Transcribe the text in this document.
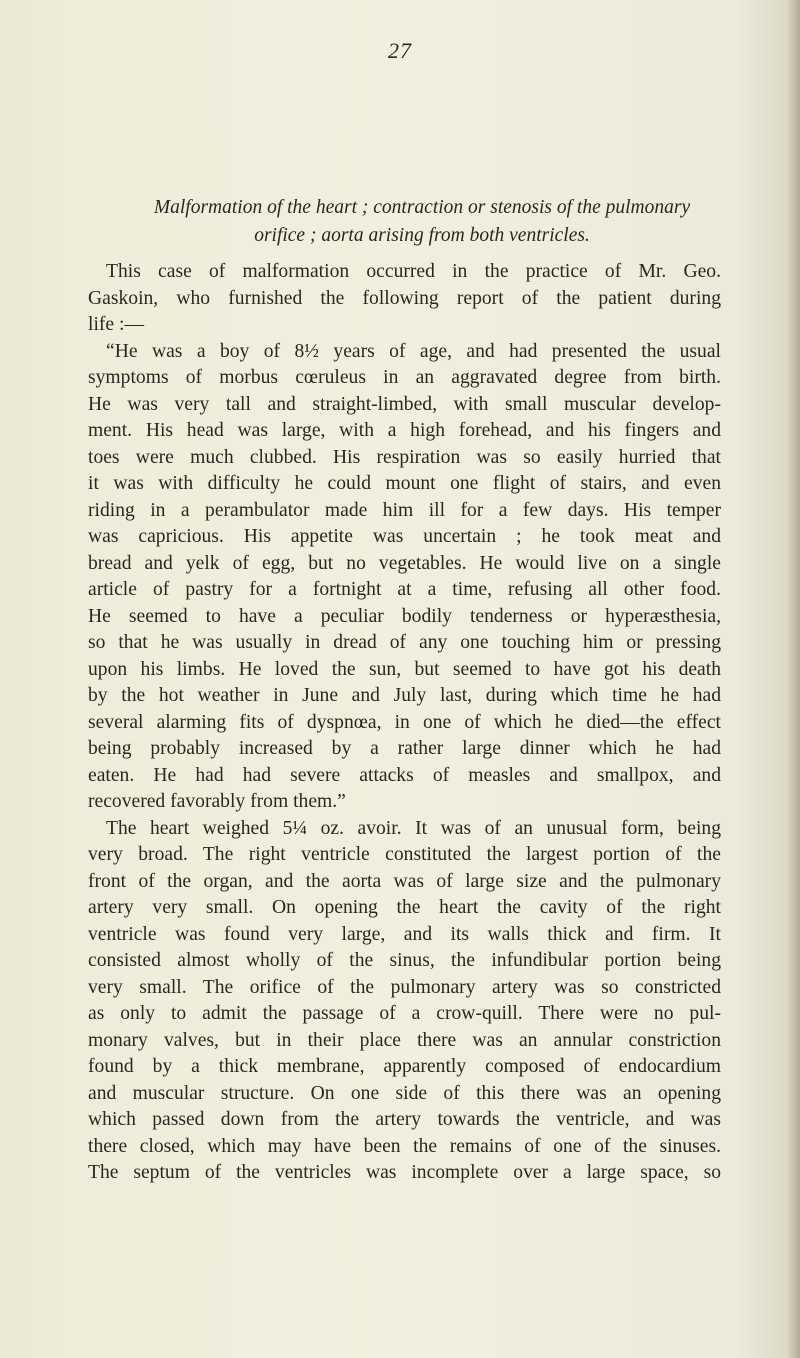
27
Malformation of the heart ; contraction or stenosis of the pulmonary
orifice ; aorta arising from both ventricles.
This case of malformation occurred in the practice of Mr. Geo.
Gaskoin, who furnished the following report of the patient during
life :—
“He was a boy of 8½ years of age, and had presented the usual
symptoms of morbus cœruleus in an aggravated degree from birth.
He was very tall and straight-limbed, with small muscular develop-
ment. His head was large, with a high forehead, and his fingers and
toes were much clubbed. His respiration was so easily hurried that
it was with difficulty he could mount one flight of stairs, and even
riding in a perambulator made him ill for a few days. His temper
was capricious. His appetite was uncertain ; he took meat and
bread and yelk of egg, but no vegetables. He would live on a single
article of pastry for a fortnight at a time, refusing all other food.
He seemed to have a peculiar bodily tenderness or hyperæsthesia,
so that he was usually in dread of any one touching him or pressing
upon his limbs. He loved the sun, but seemed to have got his death
by the hot weather in June and July last, during which time he had
several alarming fits of dyspnœa, in one of which he died—the effect
being probably increased by a rather large dinner which he had
eaten. He had had severe attacks of measles and smallpox, and
recovered favorably from them.”
The heart weighed 5¼ oz. avoir. It was of an unusual form, being
very broad. The right ventricle constituted the largest portion of the
front of the organ, and the aorta was of large size and the pulmonary
artery very small. On opening the heart the cavity of the right
ventricle was found very large, and its walls thick and firm. It
consisted almost wholly of the sinus, the infundibular portion being
very small. The orifice of the pulmonary artery was so constricted
as only to admit the passage of a crow-quill. There were no pul-
monary valves, but in their place there was an annular constriction
found by a thick membrane, apparently composed of endocardium
and muscular structure. On one side of this there was an opening
which passed down from the artery towards the ventricle, and was
there closed, which may have been the remains of one of the sinuses.
The septum of the ventricles was incomplete over a large space, so
